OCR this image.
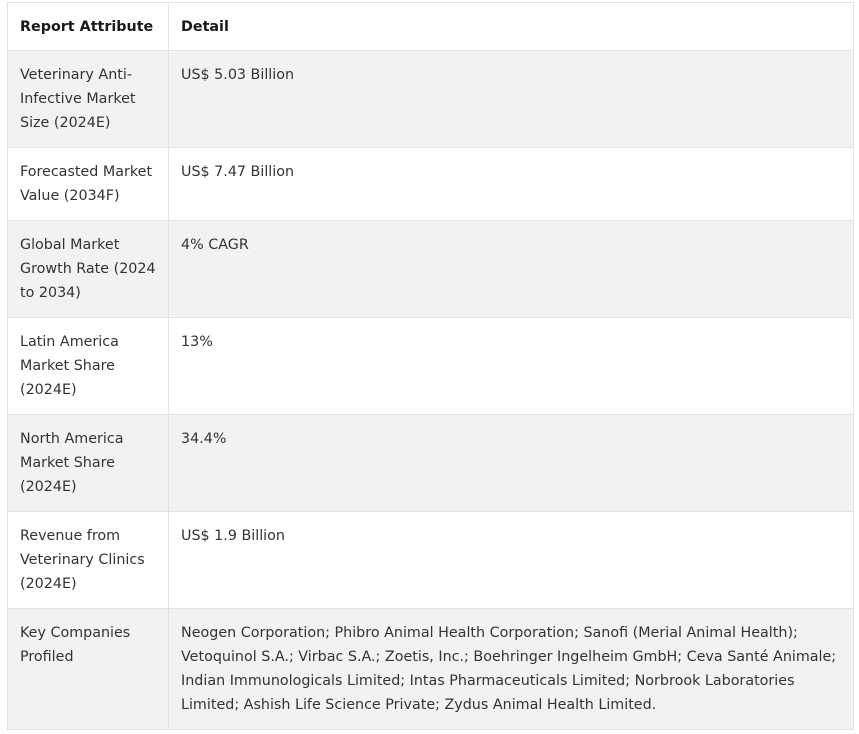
Report Attribute	Detail
Veterinary Anti-Infective Market Size (2024E)	US$ 5.03 Billion
Forecasted Market Value (2034F)	US$ 7.47 Billion
Global Market Growth Rate (2024 to 2034)	4% CAGR
Latin America Market Share (2024E)	13%
North America Market Share (2024E)	34.4%
Revenue from Veterinary Clinics (2024E)	US$ 1.9 Billion
Key Companies Profiled	Neogen Corporation; Phibro Animal Health Corporation; Sanofi (Merial Animal Health); Vetoquinol S.A.; Virbac S.A.; Zoetis, Inc.; Boehringer Ingelheim GmbH; Ceva Santé Animale; Indian Immunologicals Limited; Intas Pharmaceuticals Limited; Norbrook Laboratories Limited; Ashish Life Science Private; Zydus Animal Health Limited.
